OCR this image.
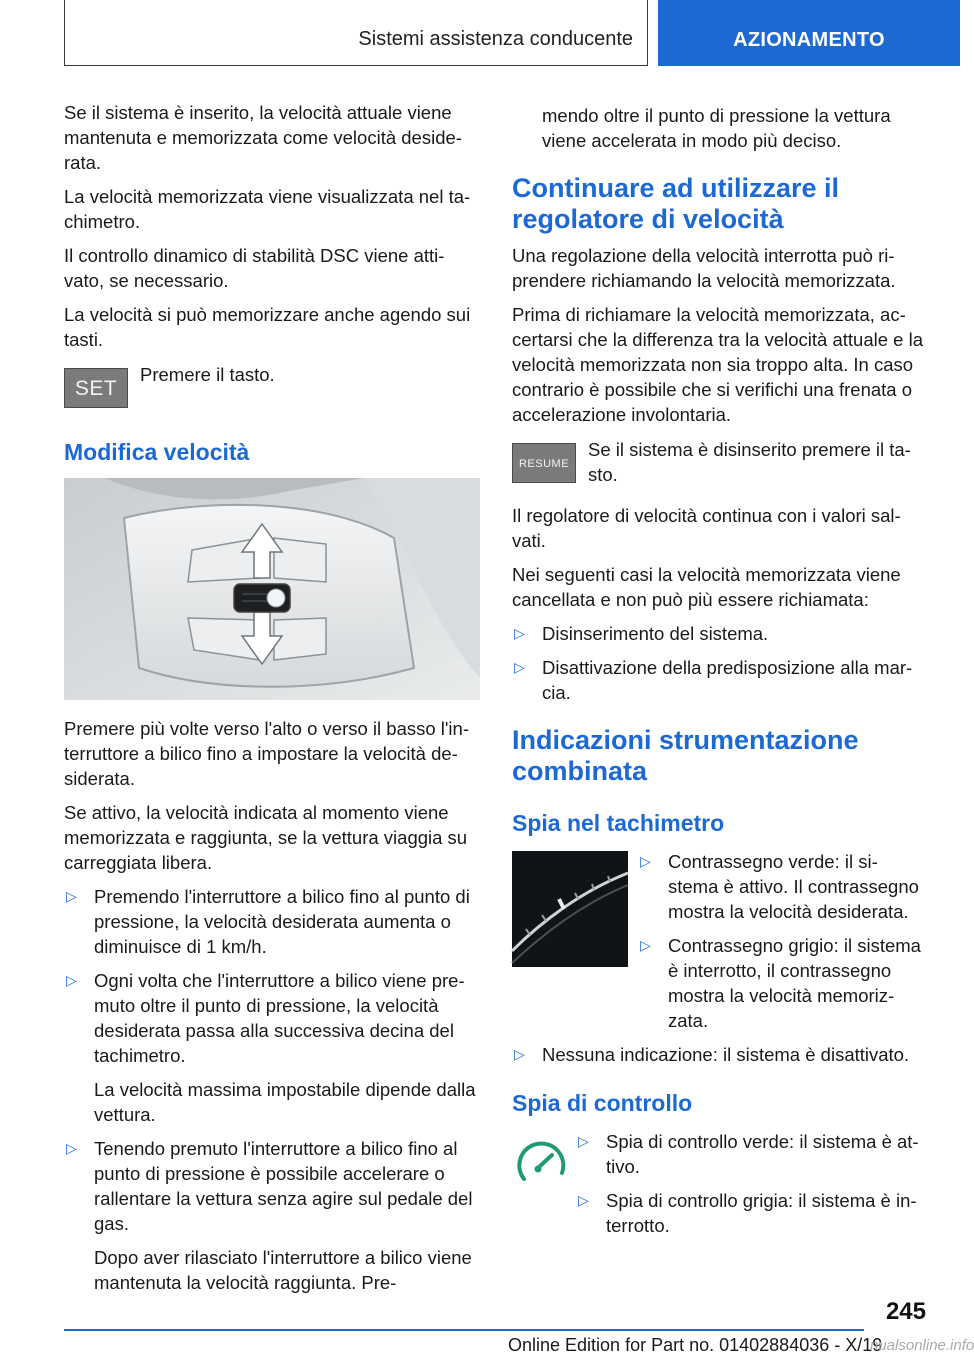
Sistemi assistenza conducente	AZIONAMENTO

Se il sistema è inserito, la velocità attuale viene mantenuta e memorizzata come velocità deside-rata.

La velocità memorizzata viene visualizzata nel ta-chimetro.

Il controllo dinamico di stabilità DSC viene atti-vato, se necessario.

La velocità si può memorizzare anche agendo sui tasti.

SET

Premere il tasto.

Modifica velocità

Premere più volte verso l'alto o verso il basso l'in-terruttore a bilico fino a impostare la velocità de-siderata.

Se attivo, la velocità indicata al momento viene memorizzata e raggiunta, se la vettura viaggia su carreggiata libera.

▷ Premendo l'interruttore a bilico fino al punto di pressione, la velocità desiderata aumenta o diminuisce di 1 km/h.
▷ Ogni volta che l'interruttore a bilico viene pre-muto oltre il punto di pressione, la velocità desiderata passa alla successiva decina del tachimetro.
La velocità massima impostabile dipende dalla vettura.
▷ Tenendo premuto l'interruttore a bilico fino al punto di pressione è possibile accelerare o rallentare la vettura senza agire sul pedale del gas.
Dopo aver rilasciato l'interruttore a bilico viene mantenuta la velocità raggiunta. Pre-

mendo oltre il punto di pressione la vettura viene accelerata in modo più deciso.

Continuare ad utilizzare il regolatore di velocità

Una regolazione della velocità interrotta può ri-prendere richiamando la velocità memorizzata.

Prima di richiamare la velocità memorizzata, ac-certarsi che la differenza tra la velocità attuale e la velocità memorizzata non sia troppo alta. In caso contrario è possibile che si verifichi una frenata o accelerazione involontaria.

RESUME

Se il sistema è disinserito premere il ta-sto.

Il regolatore di velocità continua con i valori sal-vati.

Nei seguenti casi la velocità memorizzata viene cancellata e non può più essere richiamata:

▷ Disinserimento del sistema.
▷ Disattivazione della predisposizione alla mar-cia.
Indicazioni strumentazione combinata
Spia nel tachimetro
▷ Contrassegno verde: il si-stema è attivo. Il contrassegno mostra la velocità desiderata.
▷ Contrassegno grigio: il sistema è interrotto, il contrassegno mostra la velocità memoriz-zata.
▷ Nessuna indicazione: il sistema è disattivato.
Spia di controllo
▷ Spia di controllo verde: il sistema è at-tivo.
▷ Spia di controllo grigia: il sistema è in-terrotto.
245
Online Edition for Part no. 01402884036 - X/19
nualsonline.info
